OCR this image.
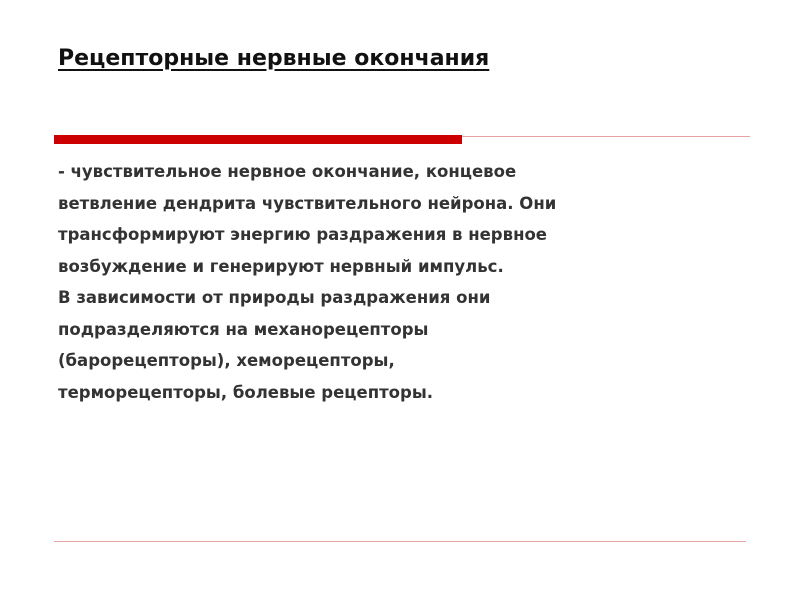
Рецепторные нервные окончания

- чувствительное нервное окончание, концевое
ветвление дендрита чувствительного нейрона. Они
трансформируют энергию раздражения в нервное
возбуждение и генерируют нервный импульс.
В зависимости от природы раздражения они
подразделяются на механорецепторы
(барорецепторы), хеморецепторы,
терморецепторы, болевые рецепторы.
